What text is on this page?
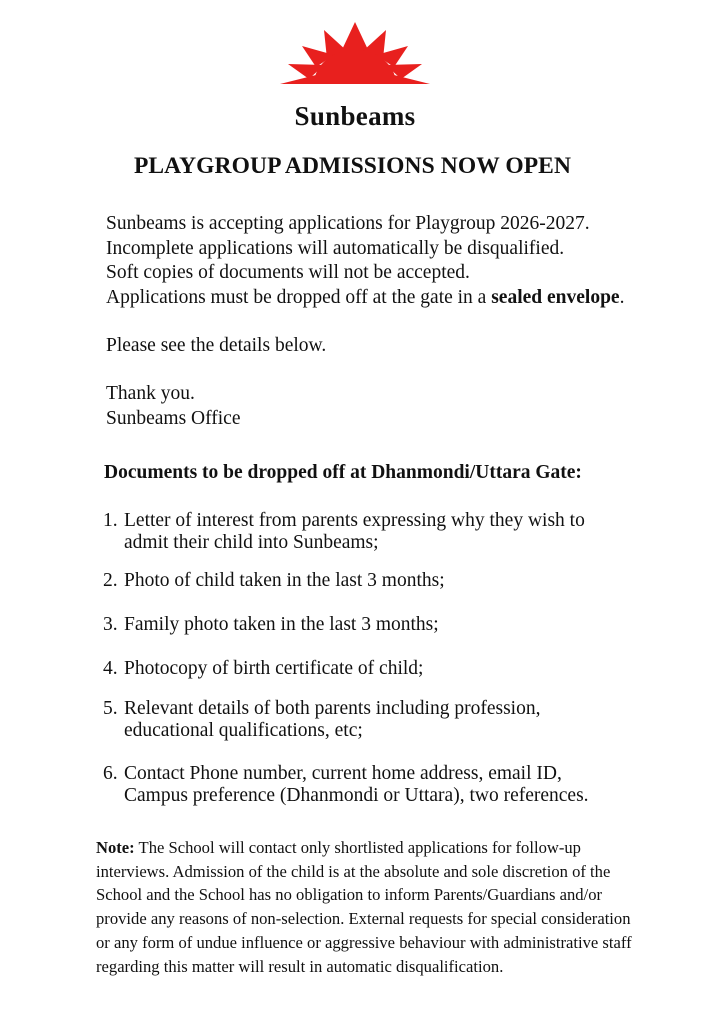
Sunbeams
PLAYGROUP ADMISSIONS NOW OPEN
Sunbeams is accepting applications for Playgroup 2026-2027.
Incomplete applications will automatically be disqualified.
Soft copies of documents will not be accepted.
Applications must be dropped off at the gate in a sealed envelope.
Please see the details below.
Thank you.
Sunbeams Office
Documents to be dropped off at Dhanmondi/Uttara Gate:
1. Letter of interest from parents expressing why they wish to
admit their child into Sunbeams;
2. Photo of child taken in the last 3 months;
3. Family photo taken in the last 3 months;
4. Photocopy of birth certificate of child;
5. Relevant details of both parents including profession,
educational qualifications, etc;
6. Contact Phone number, current home address, email ID,
Campus preference (Dhanmondi or Uttara), two references.
Note: The School will contact only shortlisted applications for follow-up
interviews. Admission of the child is at the absolute and sole discretion of the
School and the School has no obligation to inform Parents/Guardians and/or
provide any reasons of non-selection. External requests for special consideration
or any form of undue influence or aggressive behaviour with administrative staff
regarding this matter will result in automatic disqualification.
